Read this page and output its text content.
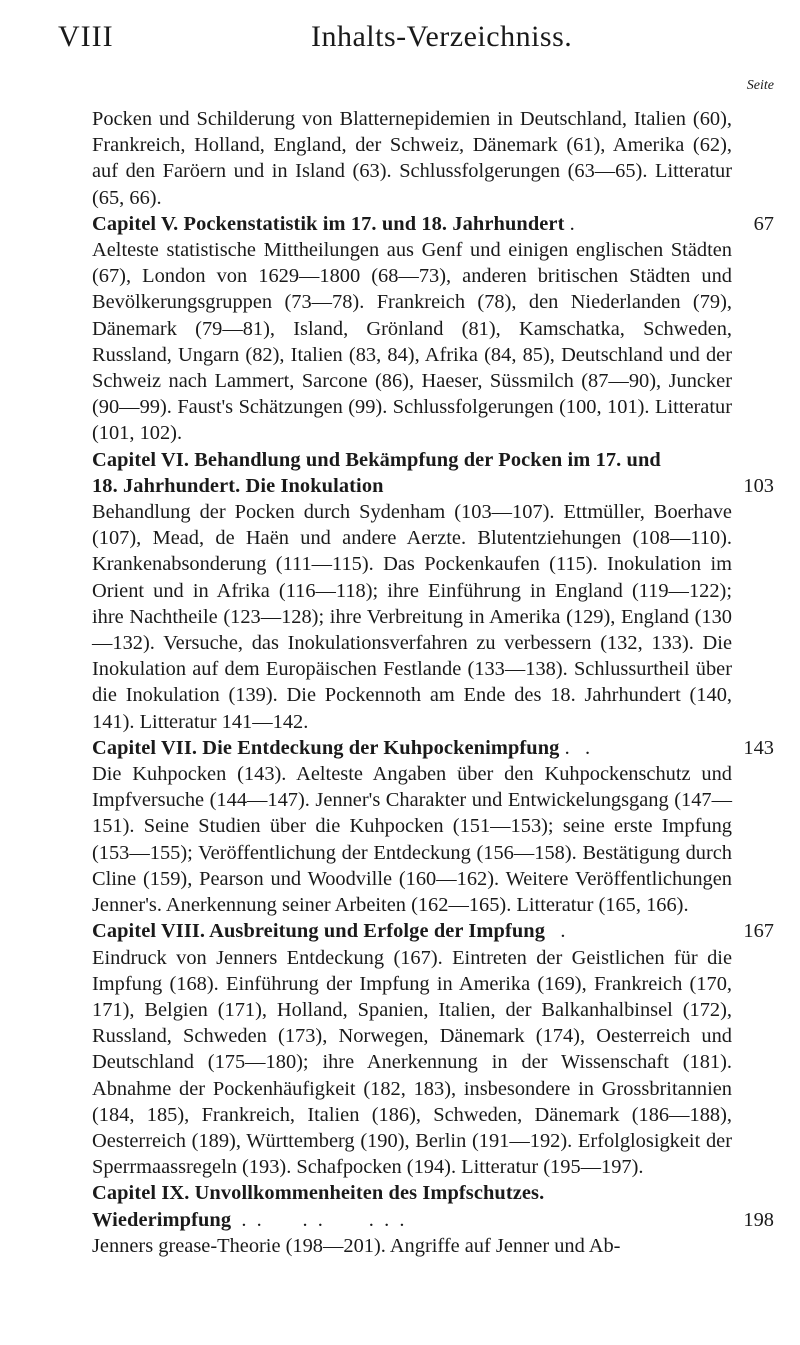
VIII	Inhalts-Verzeichniss.
Seite

Pocken und Schilderung von Blatternepidemien in Deutschland, Italien (60), Frankreich, Holland, England, der Schweiz, Dänemark (61), Amerika (62), auf den Faröern und in Island (63). Schlussfolgerungen (63—65). Litteratur (65, 66).

Capitel V. Pockenstatistik im 17. und 18. Jahrhundert .	67

Aelteste statistische Mittheilungen aus Genf und einigen englischen Städten (67), London von 1629—1800 (68—73), anderen britischen Städten und Bevölkerungsgruppen (73—78). Frankreich (78), den Niederlanden (79), Dänemark (79—81), Island, Grönland (81), Kamschatka, Schweden, Russland, Ungarn (82), Italien (83, 84), Afrika (84, 85), Deutschland und der Schweiz nach Lammert, Sarcone (86), Haeser, Süssmilch (87—90), Juncker (90—99). Faust's Schätzungen (99). Schlussfolgerungen (100, 101). Litteratur (101, 102).

Capitel VI. Behandlung und Bekämpfung der Pocken im 17. und 18. Jahrhundert. Die Inokulation	103

Behandlung der Pocken durch Sydenham (103—107). Ettmüller, Boerhave (107), Mead, de Haën und andere Aerzte. Blutentziehungen (108—110). Krankenabsonderung (111—115). Das Pockenkaufen (115). Inokulation im Orient und in Afrika (116—118); ihre Einführung in England (119—122); ihre Nachtheile (123—128); ihre Verbreitung in Amerika (129), England (130—132). Versuche, das Inokulationsverfahren zu verbessern (132, 133). Die Inokulation auf dem Europäischen Festlande (133—138). Schlussurtheil über die Inokulation (139). Die Pockennoth am Ende des 18. Jahrhundert (140, 141). Litteratur 141—142.

Capitel VII. Die Entdeckung der Kuhpockenimpfung .   .	143

Die Kuhpocken (143). Aelteste Angaben über den Kuhpockenschutz und Impfversuche (144—147). Jenner's Charakter und Entwickelungsgang (147—151). Seine Studien über die Kuhpocken (151—153); seine erste Impfung (153—155); Veröffentlichung der Entdeckung (156—158). Bestätigung durch Cline (159), Pearson und Woodville (160—162). Weitere Veröffentlichungen Jenner's. Anerkennung seiner Arbeiten (162—165). Litteratur (165, 166).

Capitel VIII. Ausbreitung und Erfolge der Impfung   .	167

Eindruck von Jenners Entdeckung (167). Eintreten der Geistlichen für die Impfung (168). Einführung der Impfung in Amerika (169), Frankreich (170, 171), Belgien (171), Holland, Spanien, Italien, der Balkanhalbinsel (172), Russland, Schweden (173), Norwegen, Dänemark (174), Oesterreich und Deutschland (175—180); ihre Anerkennung in der Wissenschaft (181). Abnahme der Pockenhäufigkeit (182, 183), insbesondere in Grossbritannien (184, 185), Frankreich, Italien (186), Schweden, Dänemark (186—188), Oesterreich (189), Württemberg (190), Berlin (191—192). Erfolglosigkeit der Sperrmaassregeln (193). Schafpocken (194). Litteratur (195—197).

Capitel IX. Unvollkommenheiten des Impfschutzes. Wiederimpfung  .  .        .  .         .  .  .	198

Jenners grease-Theorie (198—201). Angriffe auf Jenner und Ab-
